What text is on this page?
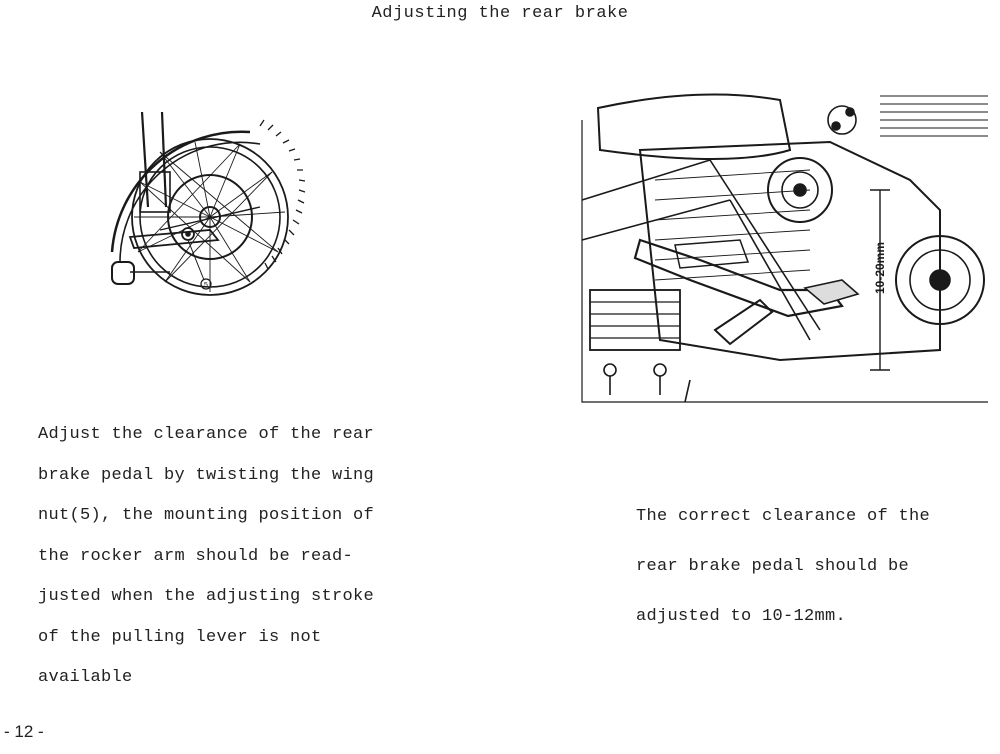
Adjusting the rear brake
5	10-20mm
Adjust the clearance of the rear
brake pedal by twisting the wing
nut(5), the mounting position of
the rocker arm should be read-
justed when the adjusting stroke
of the pulling lever is not
available
The correct clearance of the
rear brake pedal should be
adjusted to 10-12mm.
- 12 -
